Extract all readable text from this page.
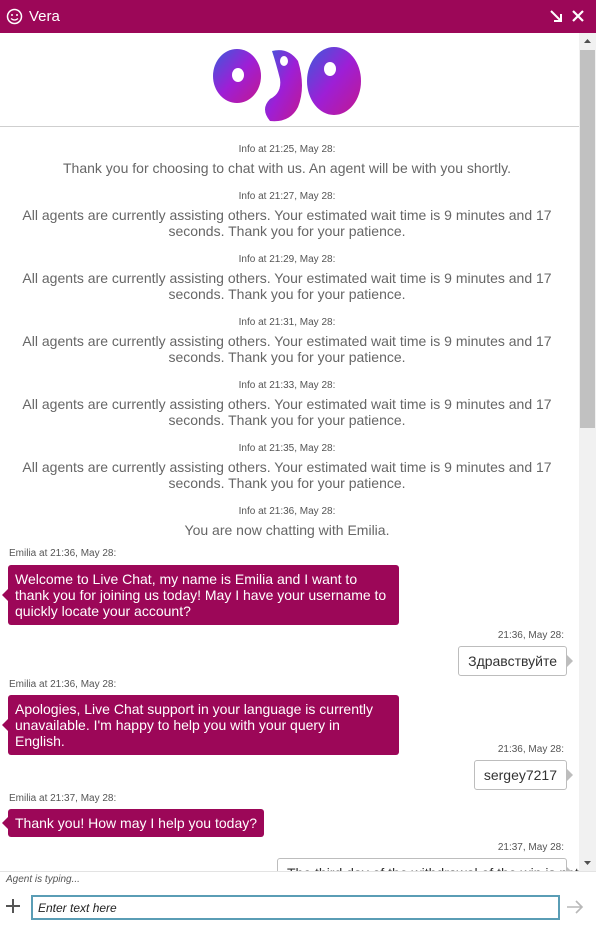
Vera
Info at 21:25, May 28:
Thank you for choosing to chat with us. An agent will be with you shortly.
Info at 21:27, May 28:
All agents are currently assisting others. Your estimated wait time is 9 minutes and 17 seconds. Thank you for your patience.
Info at 21:29, May 28:
All agents are currently assisting others. Your estimated wait time is 9 minutes and 17 seconds. Thank you for your patience.
Info at 21:31, May 28:
All agents are currently assisting others. Your estimated wait time is 9 minutes and 17 seconds. Thank you for your patience.
Info at 21:33, May 28:
All agents are currently assisting others. Your estimated wait time is 9 minutes and 17 seconds. Thank you for your patience.
Info at 21:35, May 28:
All agents are currently assisting others. Your estimated wait time is 9 minutes and 17 seconds. Thank you for your patience.
Info at 21:36, May 28:
You are now chatting with Emilia.
Emilia at 21:36, May 28:
Welcome to Live Chat, my name is Emilia and I want to thank you for joining us today! May I have your username to quickly locate your account?
21:36, May 28:
Здравствуйте
Emilia at 21:36, May 28:
Apologies, Live Chat support in your language is currently unavailable. I'm happy to help you with your query in English.
21:36, May 28:
sergey7217
Emilia at 21:37, May 28:
Thank you! How may I help you today?
21:37, May 28:
Agent is typing...
Enter text here
